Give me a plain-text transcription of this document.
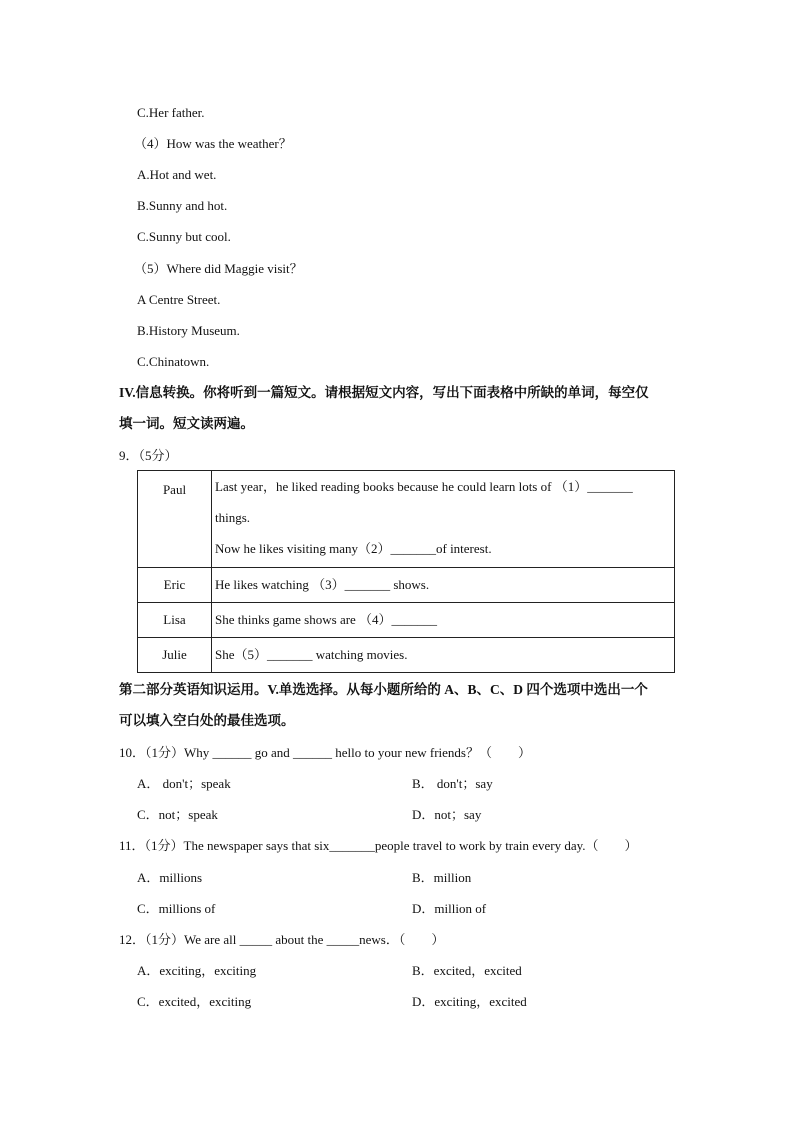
C.Her father.
（4）How was the weather？
A.Hot and wet.
B.Sunny and hot.
C.Sunny but cool.
（5）Where did Maggie visit？
A Centre Street.
B.History Museum.
C.Chinatown.
IV.信息转换。你将听到一篇短文。请根据短文内容，写出下面表格中所缺的单词，每空仅
填一词。短文读两遍。
9．（5分）
Paul	Last year，he liked reading books because he could learn lots of （1）_______
things.
Now he likes visiting many（2）_______of interest.

Eric	He likes watching （3）_______ shows.

Lisa	She thinks game shows are （4）_______

Julie	She（5）_______ watching movies.
第二部分英语知识运用。V.单选选择。从每小题所给的 A、B、C、D 四个选项中选出一个
可以填入空白处的最佳选项。
10．（1分）Why ______ go and ______ hello to your new friends？（　　）
A． don't；speak	B． don't；say
C．not；speak	D．not；say
11．（1分）The newspaper says that six_______people travel to work by train every day.（　　）
A．millions	B．million
C．millions of	D．million of
12．（1分）We are all _____ about the _____news．（　　）
A．exciting，exciting	B．excited，excited
C．excited，exciting	D．exciting，excited
